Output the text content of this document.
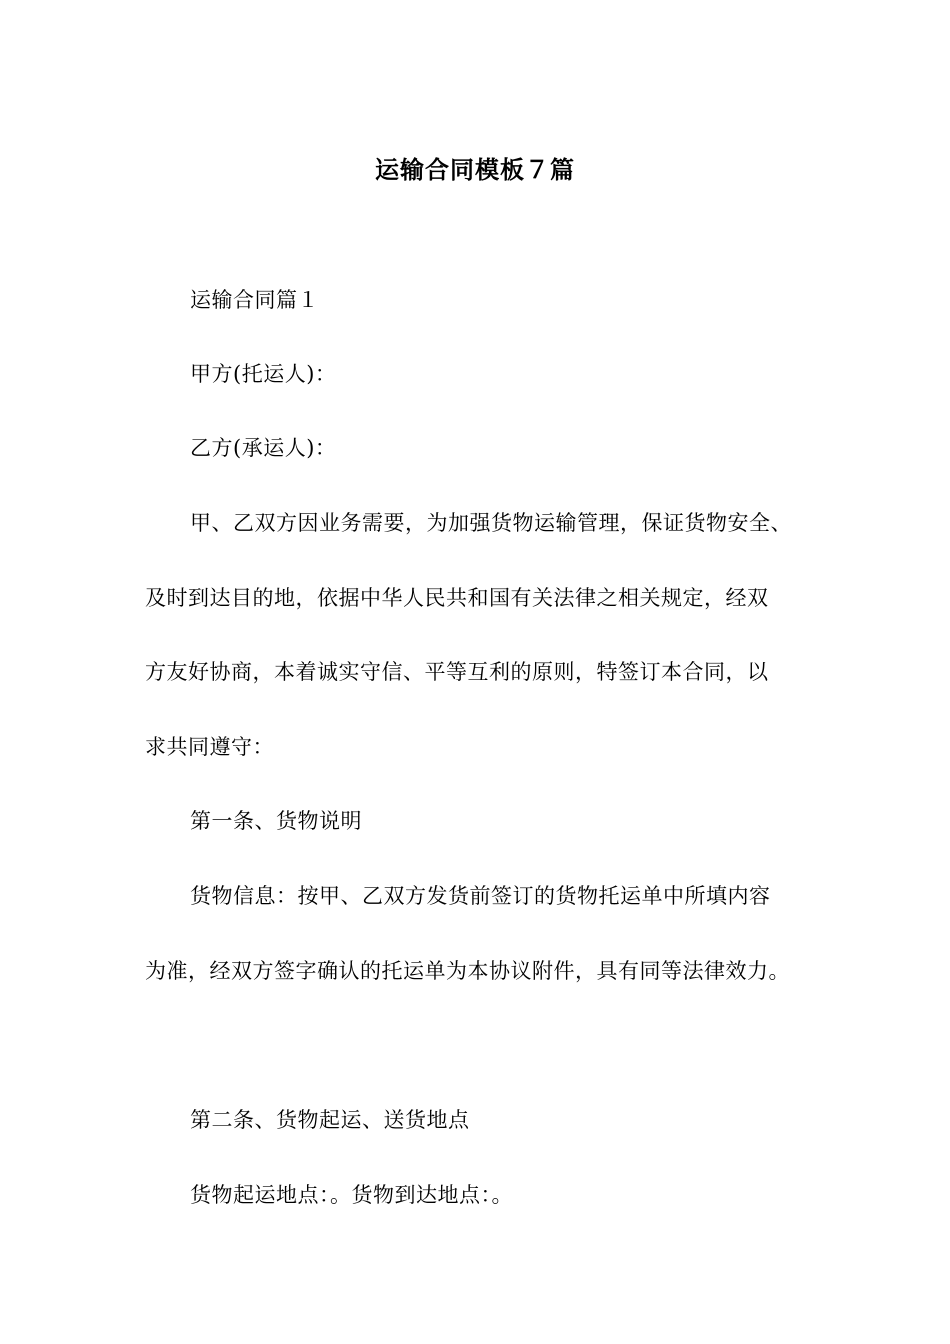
运输合同模板７篇
运输合同篇１
甲方(托运人)：
乙方(承运人)：
甲、乙双方因业务需要，为加强货物运输管理，保证货物安全、
及时到达目的地，依据中华人民共和国有关法律之相关规定，经双
方友好协商，本着诚实守信、平等互利的原则，特签订本合同，以
求共同遵守：
第一条、货物说明
货物信息：按甲、乙双方发货前签订的货物托运单中所填内容
为准，经双方签字确认的托运单为本协议附件，具有同等法律效力。
第二条、货物起运、送货地点
货物起运地点：。货物到达地点：。
